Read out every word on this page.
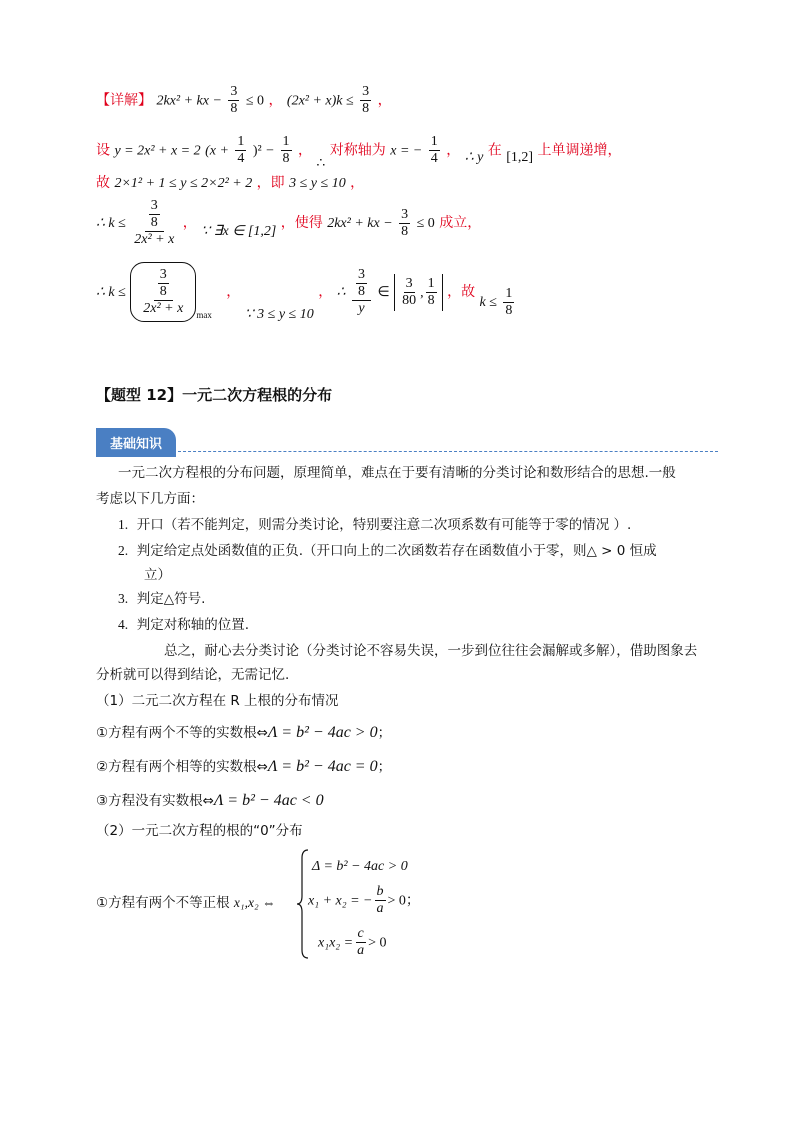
【详解】 2kx² + kx − $\frac{3}{8} \le 0$ ， $(2x^2 + x)k \le \frac{3}{8}$ ，
设 y = 2x² + x = 2 $(x + \frac{1}{4} )^2 - \frac{1}{8}$ ， ∴ 对称轴为 x = − $\frac{1}{4}$ ， ∴ y 在 [1,2] 上单调递增，
故 2×1² + 1 ≤ y ≤ 2×2² + 2 ，即 3 ≤ y ≤ 10 ，
∴ $k \le \frac{\frac{3}{8}}{\text{2x² + x}}$ ， ∵ ∃x ∈ [1,2] ，使得 2kx² + kx − $\frac{3}{8} \le 0$ 成立，
∴ $k \le \frac{\frac{3}{8}}{\text{2x² + x}} _{max}$ ， ∵ 3 ≤ y ≤ 10 ， ∴ $\frac{\frac{3}{8}}{y}$ ∈ $\frac{3}{80}$ , $\frac{1}{8}$ ，故 $k \le \frac{1}{8}$
【题型 12】一元二次方程根的分布
基础知识
一元二次方程根的分布问题，原理简单，难点在于要有清晰的分类讨论和数形结合的思想.一般
考虑以下几方面：
1. 开口（若不能判定，则需分类讨论，特别要注意二次项系数有可能等于零的情况 ）.
2. 判定给定点处函数值的正负.（开口向上的二次函数若存在函数值小于零，则△ > 0 恒成
立）
3. 判定△符号.
4. 判定对称轴的位置.
总之，耐心去分类讨论（分类讨论不容易失误，一步到位往往会漏解或多解），借助图象去
分析就可以得到结论，无需记忆.
（1）二元二次方程在 R 上根的分布情况
①方程有两个不等的实数根⇔Λ = b² − 4ac > 0；
②方程有两个相等的实数根⇔Λ = b² − 4ac = 0；
③方程没有实数根⇔Λ = b² − 4ac < 0
（2）一元二次方程的根的“0”分布
①方程有两个不等正根 x₁,x₂ ⇔
Δ = b² − 4ac > 0
x₁ + x₂ = − $\frac{b}{a} > 0$；
$x_1x_2 = \frac{c}{a} > 0$
